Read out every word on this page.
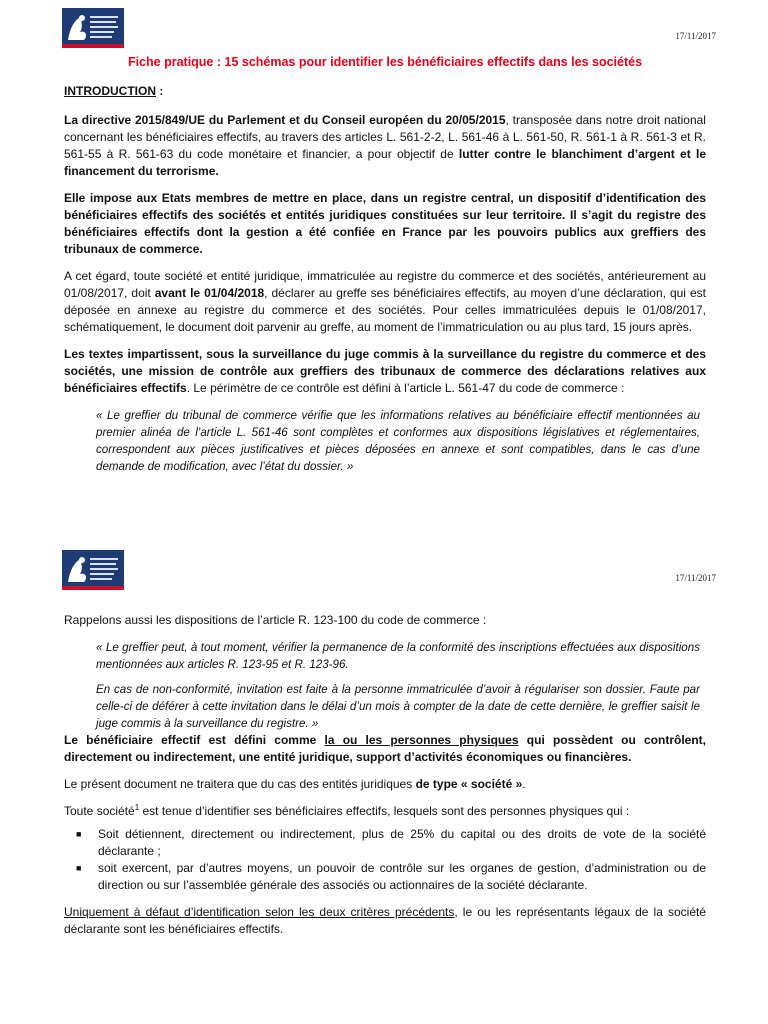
17/11/2017

Fiche pratique : 15 schémas pour identifier les bénéficiaires effectifs dans les sociétés

INTRODUCTION :

La directive 2015/849/UE du Parlement et du Conseil européen du 20/05/2015, transposée dans notre droit national concernant les bénéficiaires effectifs, au travers des articles L. 561-2-2, L. 561-46 à L. 561-50, R. 561-1 à R. 561-3 et R. 561-55 à R. 561-63 du code monétaire et financier, a pour objectif de lutter contre le blanchiment d’argent et le financement du terrorisme.

Elle impose aux Etats membres de mettre en place, dans un registre central, un dispositif d’identification des bénéficiaires effectifs des sociétés et entités juridiques constituées sur leur territoire. Il s’agit du registre des bénéficiaires effectifs dont la gestion a été confiée en France par les pouvoirs publics aux greffiers des tribunaux de commerce.

A cet égard, toute société et entité juridique, immatriculée au registre du commerce et des sociétés, antérieurement au 01/08/2017, doit avant le 01/04/2018, déclarer au greffe ses bénéficiaires effectifs, au moyen d’une déclaration, qui est déposée en annexe au registre du commerce et des sociétés. Pour celles immatriculées depuis le 01/08/2017, schématiquement, le document doit parvenir au greffe, au moment de l’immatriculation ou au plus tard, 15 jours après.

Les textes impartissent, sous la surveillance du juge commis à la surveillance du registre du commerce et des sociétés, une mission de contrôle aux greffiers des tribunaux de commerce des déclarations relatives aux bénéficiaires effectifs. Le périmètre de ce contrôle est défini à l’article L. 561-47 du code de commerce :

« Le greffier du tribunal de commerce vérifie que les informations relatives au bénéficiaire effectif mentionnées au premier alinéa de l’article L. 561-46 sont complètes et conformes aux dispositions législatives et réglementaires, correspondent aux pièces justificatives et pièces déposées en annexe et sont compatibles, dans le cas d’une demande de modification, avec l’état du dossier. »

17/11/2017

Rappelons aussi les dispositions de l’article R. 123-100 du code de commerce :

« Le greffier peut, à tout moment, vérifier la permanence de la conformité des inscriptions effectuées aux dispositions mentionnées aux articles R. 123-95 et R. 123-96.

En cas de non-conformité, invitation est faite à la personne immatriculée d’avoir à régulariser son dossier. Faute par celle-ci de déférer à cette invitation dans le délai d’un mois à compter de la date de cette dernière, le greffier saisit le juge commis à la surveillance du registre. »

Le bénéficiaire effectif est défini comme la ou les personnes physiques qui possèdent ou contrôlent, directement ou indirectement, une entité juridique, support d’activités économiques ou financières.

Le présent document ne traitera que du cas des entités juridiques de type « société ».

Toute société$^1$ est tenue d’identifier ses bénéficiaires effectifs, lesquels sont des personnes physiques qui :

■ Soit détiennent, directement ou indirectement, plus de 25% du capital ou des droits de vote de la société déclarante ;
■ soit exercent, par d’autres moyens, un pouvoir de contrôle sur les organes de gestion, d’administration ou de direction ou sur l’assemblée générale des associés ou actionnaires de la société déclarante.

Uniquement à défaut d’identification selon les deux critères précédents, le ou les représentants légaux de la société déclarante sont les bénéficiaires effectifs.
